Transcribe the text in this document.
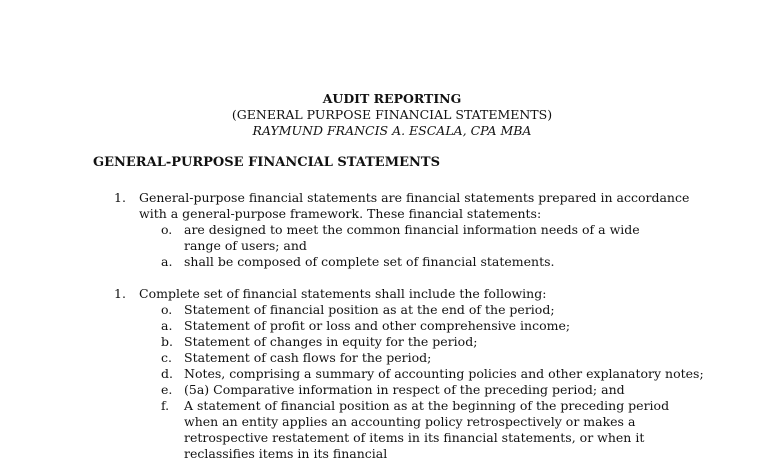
AUDIT REPORTING
(GENERAL PURPOSE FINANCIAL STATEMENTS)
RAYMUND FRANCIS A. ESCALA, CPA MBA
GENERAL-PURPOSE FINANCIAL STATEMENTS
1. General-purpose financial statements are financial statements prepared in accordance with a general-purpose framework. These financial statements:
o. are designed to meet the common financial information needs of a wide range of users; and
a. shall be composed of complete set of financial statements.
1. Complete set of financial statements shall include the following:
o. Statement of financial position as at the end of the period;
a. Statement of profit or loss and other comprehensive income;
b. Statement of changes in equity for the period;
c. Statement of cash flows for the period;
d. Notes, comprising a summary of accounting policies and other explanatory notes;
e. (5a) Comparative information in respect of the preceding period; and
f. A statement of financial position as at the beginning of the preceding period when an entity applies an accounting policy retrospectively or makes a retrospective restatement of items in its financial statements, or when it reclassifies items in its financial
